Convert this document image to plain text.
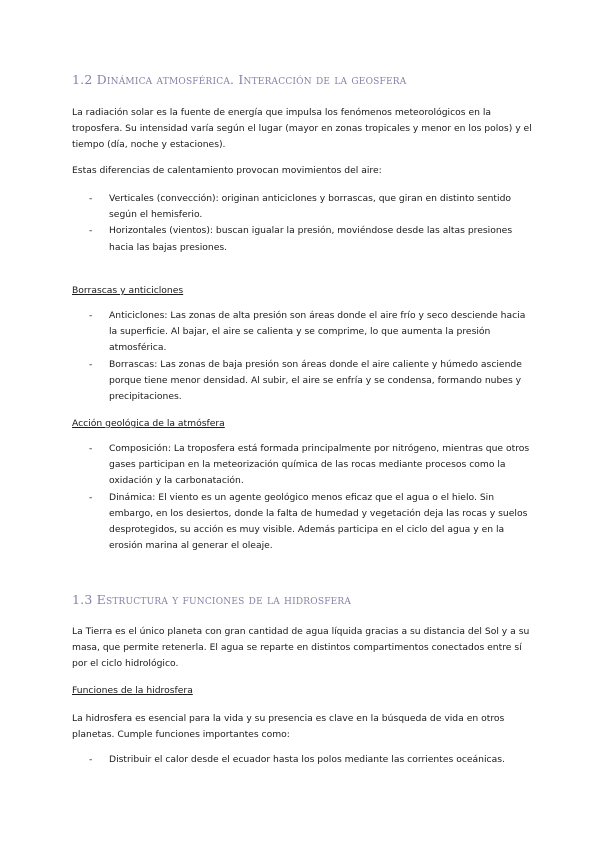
1.2 Dinámica atmosférica. Interacción de la geosfera

La radiación solar es la fuente de energía que impulsa los fenómenos meteorológicos en la troposfera. Su intensidad varía según el lugar (mayor en zonas tropicales y menor en los polos) y el tiempo (día, noche y estaciones).

Estas diferencias de calentamiento provocan movimientos del aire:

- Verticales (convección): originan anticiclones y borrascas, que giran en distinto sentido según el hemisferio.
- Horizontales (vientos): buscan igualar la presión, moviéndose desde las altas presiones hacia las bajas presiones.

Borrascas y anticiclones

- Anticiclones: Las zonas de alta presión son áreas donde el aire frío y seco desciende hacia la superficie. Al bajar, el aire se calienta y se comprime, lo que aumenta la presión atmosférica.
- Borrascas: Las zonas de baja presión son áreas donde el aire caliente y húmedo asciende porque tiene menor densidad. Al subir, el aire se enfría y se condensa, formando nubes y precipitaciones.

Acción geológica de la atmósfera

- Composición: La troposfera está formada principalmente por nitrógeno, mientras que otros gases participan en la meteorización química de las rocas mediante procesos como la oxidación y la carbonatación.
- Dinámica: El viento es un agente geológico menos eficaz que el agua o el hielo. Sin embargo, en los desiertos, donde la falta de humedad y vegetación deja las rocas y suelos desprotegidos, su acción es muy visible. Además participa en el ciclo del agua y en la erosión marina al generar el oleaje.
1.3 Estructura y funciones de la hidrosfera

La Tierra es el único planeta con gran cantidad de agua líquida gracias a su distancia del Sol y a su masa, que permite retenerla. El agua se reparte en distintos compartimentos conectados entre sí por el ciclo hidrológico.

Funciones de la hidrosfera

La hidrosfera es esencial para la vida y su presencia es clave en la búsqueda de vida en otros planetas. Cumple funciones importantes como:

- Distribuir el calor desde el ecuador hasta los polos mediante las corrientes oceánicas.
